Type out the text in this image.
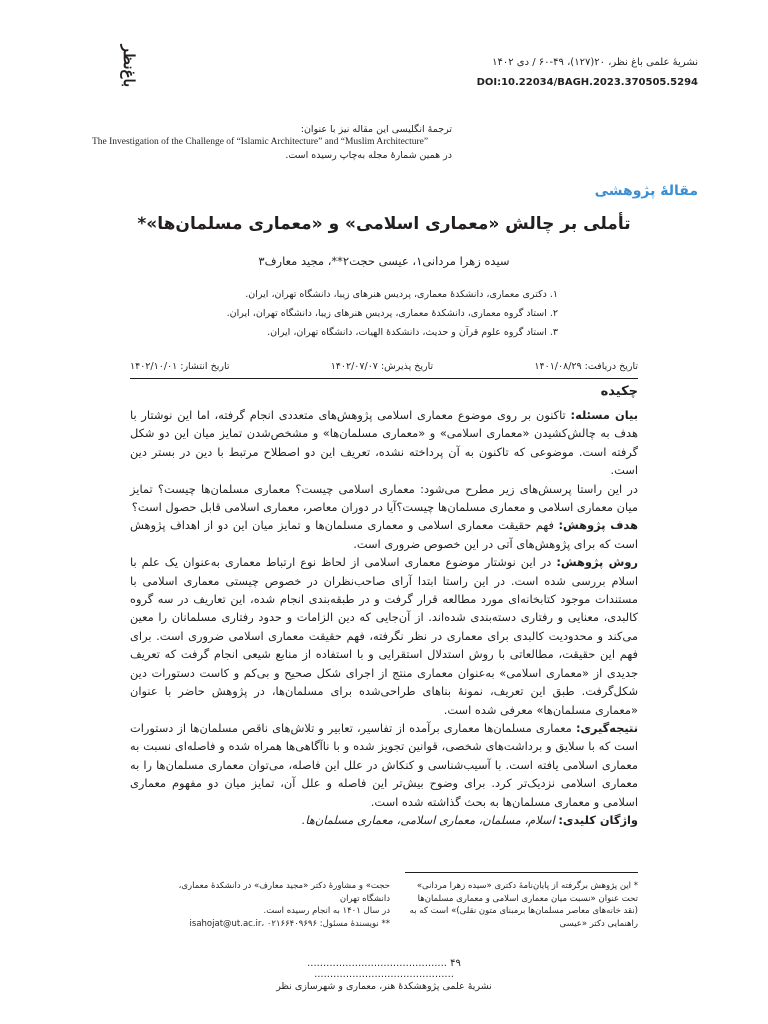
باغ‌نظر	نشریهٔ علمی باغ نظر، ۲۰(۱۲۷)، ۴۹-۶۰ / دی ۱۴۰۲
DOI:10.22034/BAGH.2023.370505.5294
ترجمهٔ انگلیسی این مقاله نیز با عنوان:
The Investigation of the Challenge of “Islamic Architecture” and “Muslim Architecture”
در همین شمارهٔ مجله به‌چاپ رسیده است.
مقالهٔ پژوهشی
تأملی بر چالش «معماری اسلامی» و «معماری مسلمان‌ها»*
سیده زهرا مردانی۱، عیسی حجت۲**، مجید معارف۳
۱. دکتری معماری، دانشکدهٔ معماری، پردیس هنرهای زیبا، دانشگاه تهران، ایران.
۲. استاد گروه معماری، دانشکدهٔ معماری، پردیس هنرهای زیبا، دانشگاه تهران، ایران.
۳. استاد گروه علوم قرآن و حدیث، دانشکدهٔ الهیات، دانشگاه تهران، ایران.
تاریخ دریافت: ۱۴۰۱/۰۸/۲۹
تاریخ پذیرش: ۱۴۰۲/۰۷/۰۷
تاریخ انتشار: ۱۴۰۲/۱۰/۰۱
چکیده

بیان مسئله: تاکنون بر روی موضوع معماری اسلامی پژوهش‌های متعددی انجام گرفته، اما این نوشتار با هدف به چالش‌کشیدن «معماری اسلامی» و «معماری مسلمان‌ها» و مشخص‌شدن تمایز میان این دو شکل گرفته است. موضوعی که تاکنون به آن پرداخته نشده، تعریف این دو اصطلاح مرتبط با دین در بستر دین است.

در این راستا پرسش‌های زیر مطرح می‌شود: معماری اسلامی چیست؟ معماری مسلمان‌ها چیست؟ تمایز میان معماری اسلامی و معماری مسلمان‌ها چیست؟آیا در دوران معاصر، معماری اسلامی قابل حصول است؟

هدف پژوهش: فهم حقیقت معماری اسلامی و معماری مسلمان‌ها و تمایز میان این دو از اهداف پژوهش است که برای پژوهش‌های آتی در این خصوص ضروری است.

روش پژوهش: در این نوشتار موضوع معماری اسلامی از لحاظ نوع ارتباط معماری به‌عنوان یک علم با اسلام بررسی شده است. در این راستا ابتدا آرای صاحب‌نظران در خصوص چیستی معماری اسلامی با مستندات موجود کتابخانه‌ای مورد مطالعه قرار گرفت و در طبقه‌بندی انجام شده، این تعاریف در سه گروه کالبدی، معنایی و رفتاری دسته‌بندی شده‌اند. از آن‌جایی که دین الزامات و حدود رفتاری مسلمانان را معین می‌کند و محدودیت کالبدی برای معماری در نظر نگرفته، فهم حقیقت معماری اسلامی ضروری است. برای فهم این حقیقت، مطالعاتی با روش استدلال استقرایی و با استفاده از منابع شیعی انجام گرفت که تعریف جدیدی از «معماری اسلامی» به‌عنوان معماری منتج از اجرای شکل صحیح و بی‌کم و کاست دستورات دین شکل‌گرفت. طبق این تعریف، نمونهٔ بناهای طراحی‌شده برای مسلمان‌ها، در پژوهش حاضر با عنوان «معماری مسلمان‌ها» معرفی شده است.

نتیجه‌گیری: معماری مسلمان‌ها معماری برآمده از تفاسیر، تعابیر و تلاش‌های ناقص مسلمان‌ها از دستورات است که با سلایق و برداشت‌های شخصی، قوانین تجویز شده و با ناآگاهی‌ها همراه شده و فاصله‌ای نسبت به معماری اسلامی یافته است. با آسیب‌شناسی و کنکاش در علل این فاصله، می‌توان معماری مسلمان‌ها را به معماری اسلامی نزدیک‌تر کرد. برای وضوح بیش‌تر این فاصله و علل آن، تمایز میان دو مفهوم معماری اسلامی و معماری مسلمان‌ها به بحث گذاشته شده است.

واژگان کلیدی: اسلام، مسلمان، معماری اسلامی، معماری مسلمان‌ها.

* این پژوهش برگرفته از پایان‌نامهٔ دکتری «سیده زهرا مردانی» تحت عنوان «نسبت میان معماری اسلامی و معماری مسلمان‌ها (نقد خانه‌های معاصر مسلمان‌ها برمبنای متون نقلی)» است که به راهنمایی دکتر «عیسی
حجت» و مشاورهٔ دکتر «مجید معارف» در دانشکدهٔ معماری، دانشگاه تهران
در سال ۱۴۰۱ به انجام رسیده است.
** نویسندهٔ مسئول: isahojat@ut.ac.ir، ۰۲۱۶۶۴۰۹۶۹۶
............................................ ۴۹ ............................................
نشریهٔ علمی پژوهشکدهٔ هنر، معماری و شهرسازی نظر
